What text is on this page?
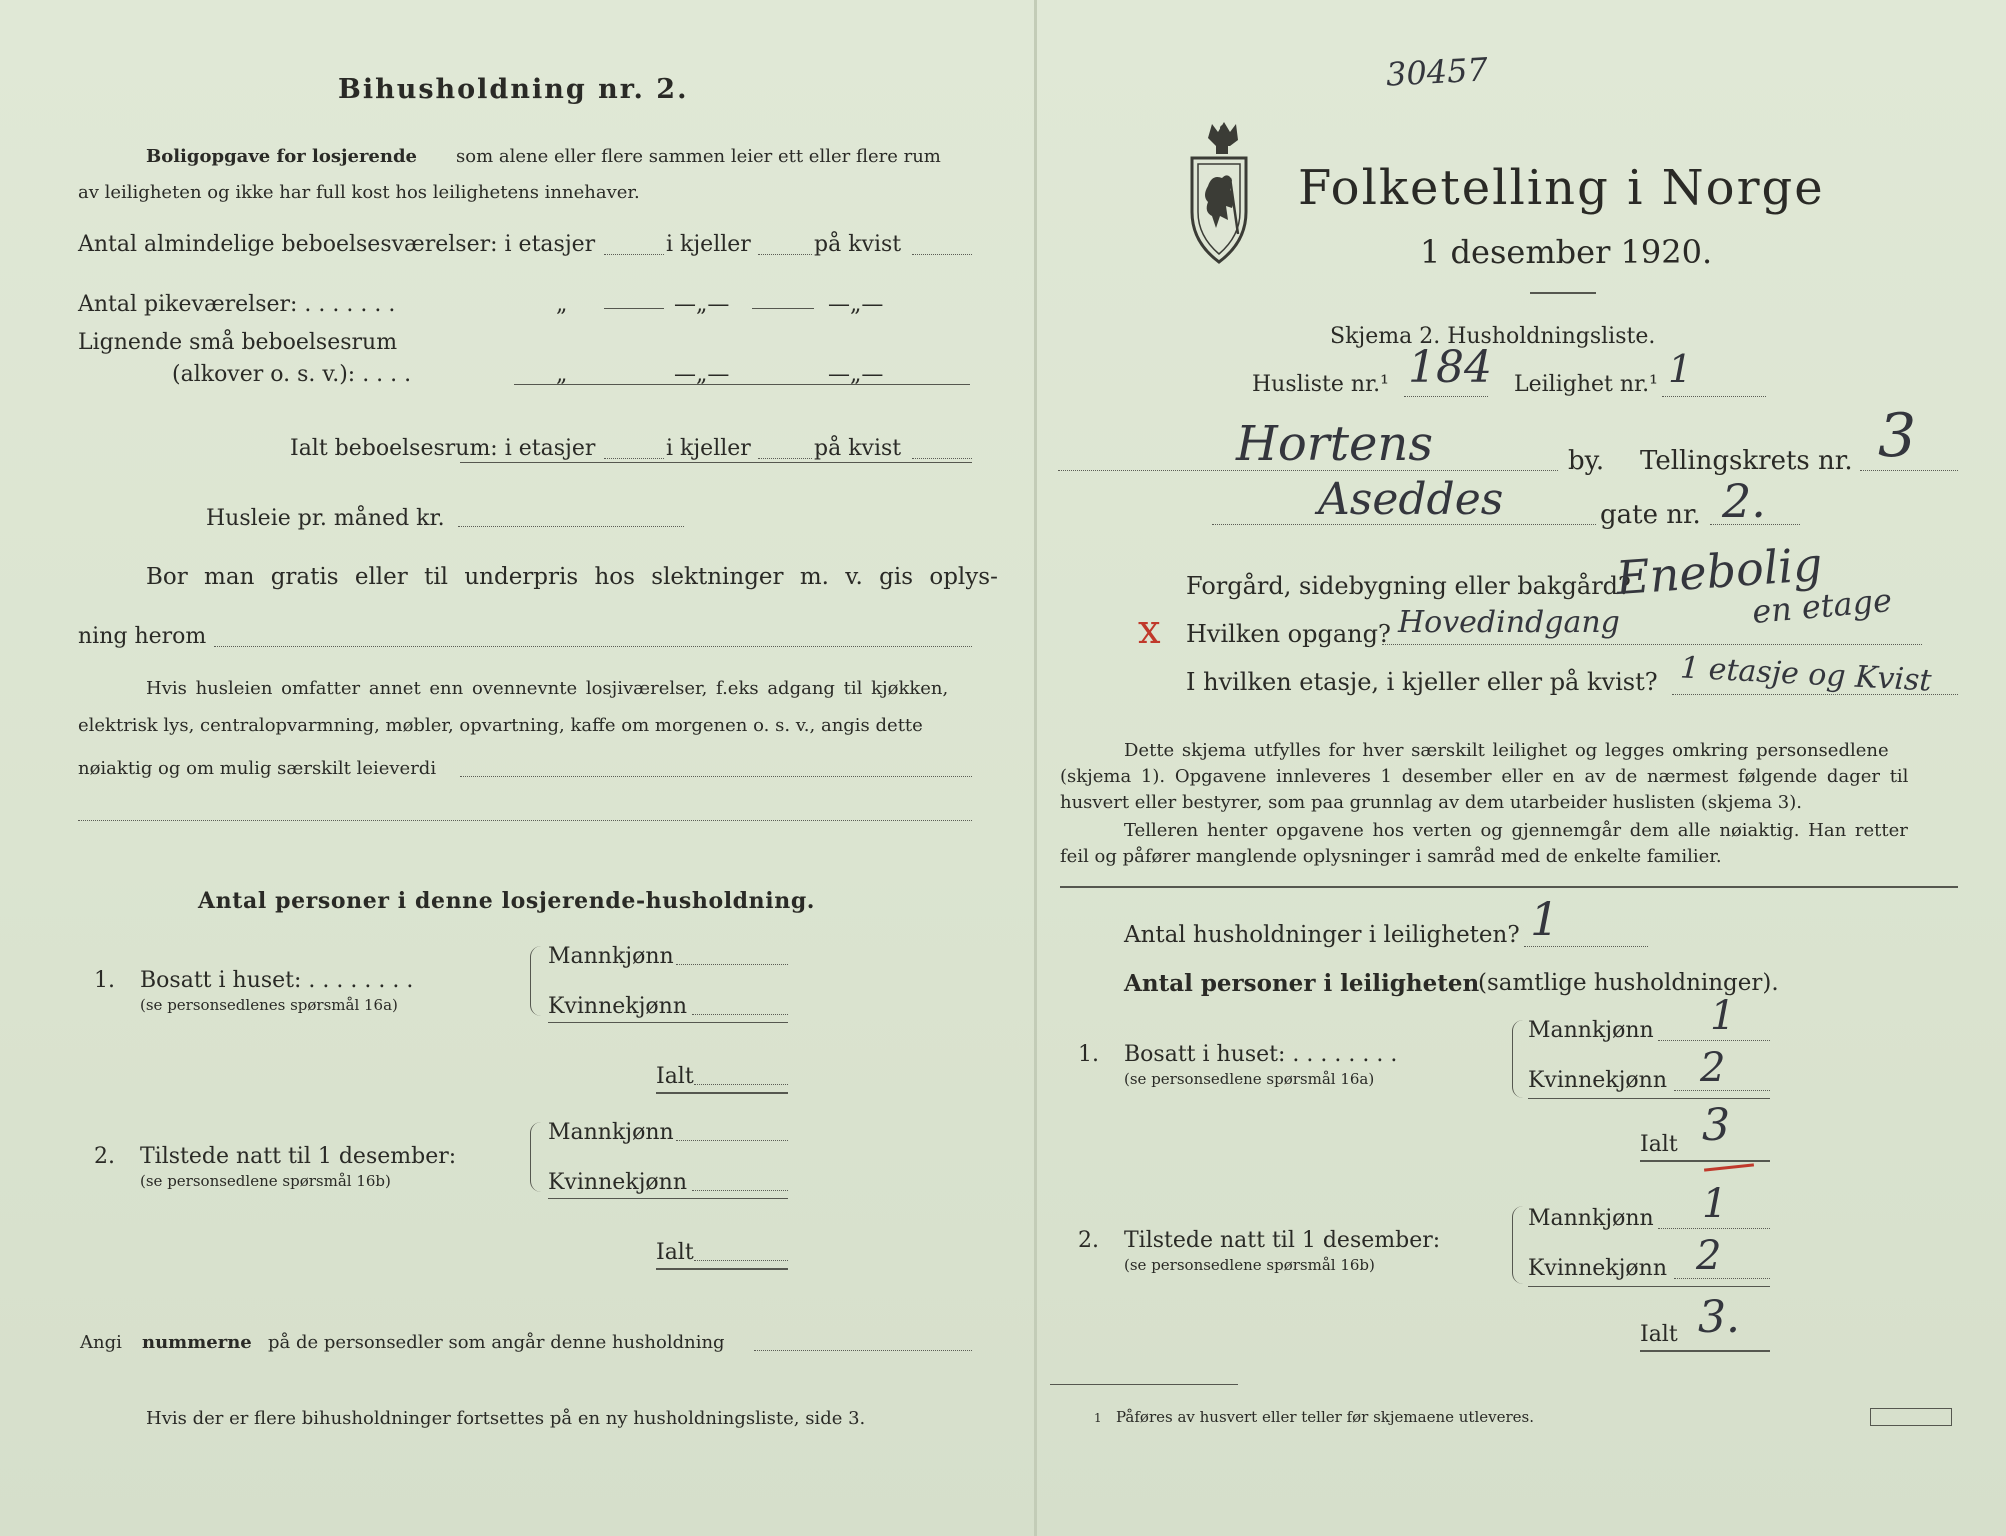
Bihusholdning nr. 2.
Boligopgave for losjerende som alene eller flere sammen leier ett eller flere rum
av leiligheten og ikke har full kost hos leilighetens innehaver.
Antal almindelige beboelsesværelser: i etasjer	i kjeller	på kvist
Antal pikeværelser: . . . . . . .	„	—„—	—„—
Lignende små beboelsesrum
(alkover o. s. v.): . . . .	„	—„—	—„—
Ialt beboelsesrum: i etasjer	i kjeller	på kvist
Husleie pr. måned kr.
Bor man gratis eller til underpris hos slektninger m. v. gis oplys-
ning herom
Hvis husleien omfatter annet enn ovennevnte losjiværelser, f.eks adgang til kjøkken,
elektrisk lys, centralopvarmning, møbler, opvartning, kaffe om morgenen o. s. v., angis dette
nøiaktig og om mulig særskilt leieverdi
Antal personer i denne losjerende-husholdning.
1. Bosatt i huset: . . . . . . . .
(se personsedlenes spørsmål 16a)
Mannkjønn
Kvinnekjønn
Ialt
2. Tilstede natt til 1 desember:
(se personsedlene spørsmål 16b)
Mannkjønn
Kvinnekjønn
Ialt
Angi nummerne på de personsedler som angår denne husholdning
Hvis der er flere bihusholdninger fortsettes på en ny husholdningsliste, side 3.
30457
Folketelling i Norge
1 desember 1920.
Skjema 2. Husholdningsliste.
Husliste nr.¹ 184 Leilighet nr.¹ 1
Hortens	by. Tellingskrets nr. 3
Aseddes	gate nr. 2.
Forgård, sidebygning eller bakgård?
Enebolig
en etage
x Hvilken opgang? Hovedindgang
I hvilken etasje, i kjeller eller på kvist? 1 etasje og Kvist
Dette skjema utfylles for hver særskilt leilighet og legges omkring personsedlene
(skjema 1). Opgavene innleveres 1 desember eller en av de nærmest følgende dager til
husvert eller bestyrer, som paa grunnlag av dem utarbeider huslisten (skjema 3).
Telleren henter opgavene hos verten og gjennemgår dem alle nøiaktig. Han retter
feil og påfører manglende oplysninger i samråd med de enkelte familier.
Antal husholdninger i leiligheten? 1
Antal personer i leiligheten
(samtlige husholdninger).
1. Bosatt i huset: . . . . . . . .
(se personsedlene spørsmål 16a)
Mannkjønn 1
Kvinnekjønn 2
Ialt 3
2. Tilstede natt til 1 desember:
(se personsedlene spørsmål 16b)
Mannkjønn 1
Kvinnekjønn 2
Ialt 3.
1 Påføres av husvert eller teller før skjemaene utleveres.
